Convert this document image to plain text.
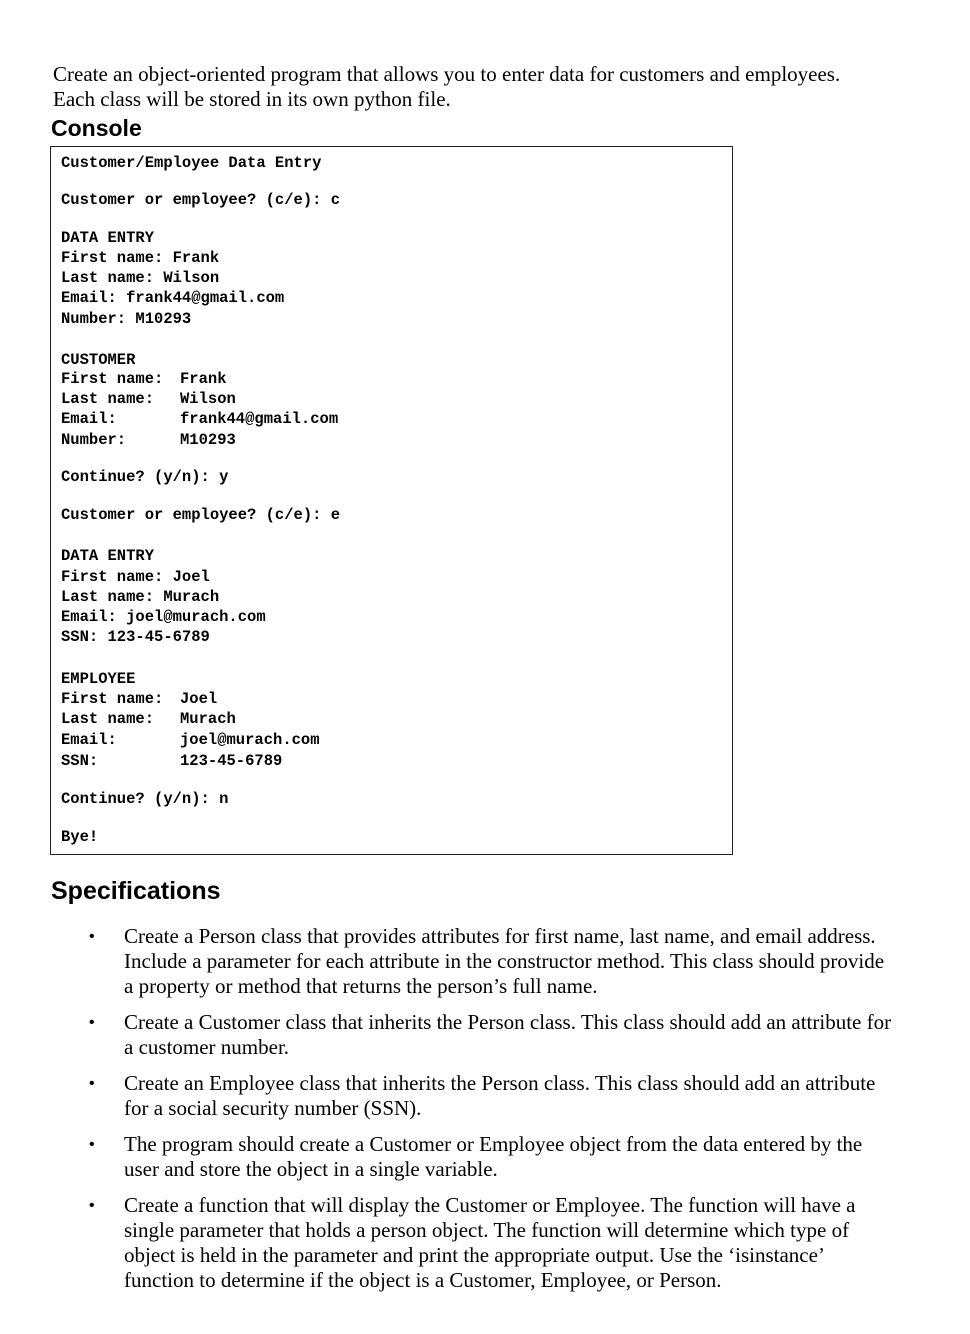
Create an object-oriented program that allows you to enter data for customers and employees.
Each class will be stored in its own python file.
Console
Customer/Employee Data Entry
Customer or employee? (c/e): c
DATA ENTRY
First name: Frank
Last name: Wilson
Email: frank44@gmail.com
Number: M10293
CUSTOMER
First name: Frank
Last name: Wilson
Email:	frank44@gmail.com
Number:	M10293
Continue? (y/n): y
Customer or employee? (c/e): e
DATA ENTRY
First name: Joel
Last name: Murach
Email: joel@murach.com
SSN: 123-45-6789
EMPLOYEE
First name: Joel
Last name: Murach
Email:	joel@murach.com
SSN:	123-45-6789
Continue? (y/n): n
Bye!
Specifications
• Create a Person class that provides attributes for first name, last name, and email address. Include a parameter for each attribute in the constructor method. This class should provide a property or method that returns the person’s full name.
• Create a Customer class that inherits the Person class. This class should add an attribute for a customer number.
• Create an Employee class that inherits the Person class. This class should add an attribute for a social security number (SSN).
• The program should create a Customer or Employee object from the data entered by the user and store the object in a single variable.
• Create a function that will display the Customer or Employee. The function will have a single parameter that holds a person object. The function will determine which type of object is held in the parameter and print the appropriate output. Use the ‘isinstance’ function to determine if the object is a Customer, Employee, or Person.
